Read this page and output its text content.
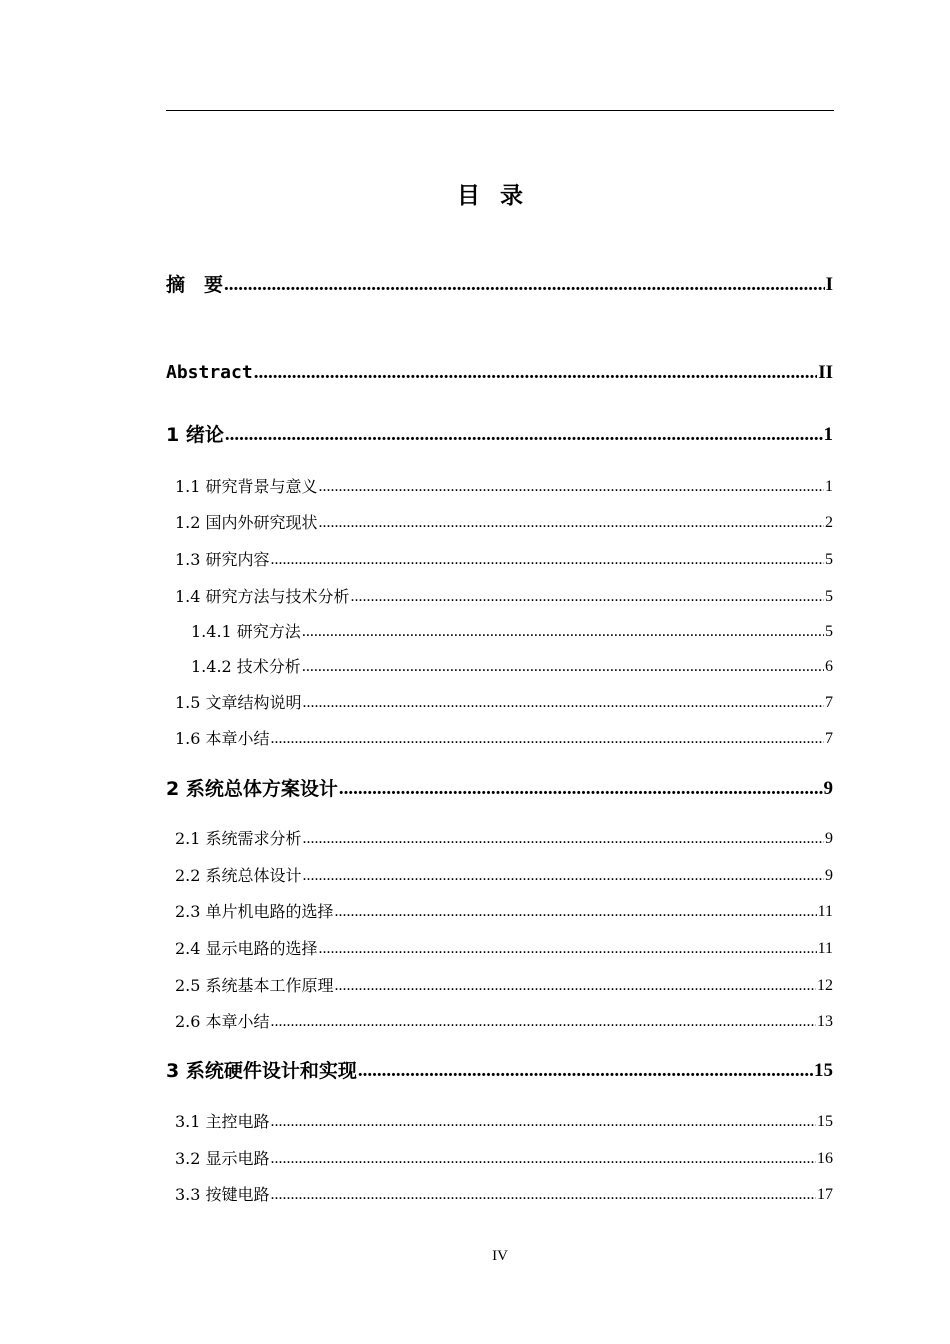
目录
摘　要 .....	I
Abstract .....	II
1 绪论 .....	1
1.1 研究背景与意义 .....	1
1.2 国内外研究现状 .....	2
1.3 研究内容 .....	5
1.4 研究方法与技术分析 .....	5
1.4.1 研究方法 .....	5
1.4.2 技术分析 .....	6
1.5 文章结构说明 .....	7
1.6 本章小结 .....	7
2 系统总体方案设计 .....	9
2.1 系统需求分析 .....	9
2.2 系统总体设计 .....	9
2.3 单片机电路的选择 .....	11
2.4 显示电路的选择 .....	11
2.5 系统基本工作原理 .....	12
2.6 本章小结 .....	13
3 系统硬件设计和实现 .....	15
3.1 主控电路 .....	15
3.2 显示电路 .....	16
3.3 按键电路 .....	17
IV
